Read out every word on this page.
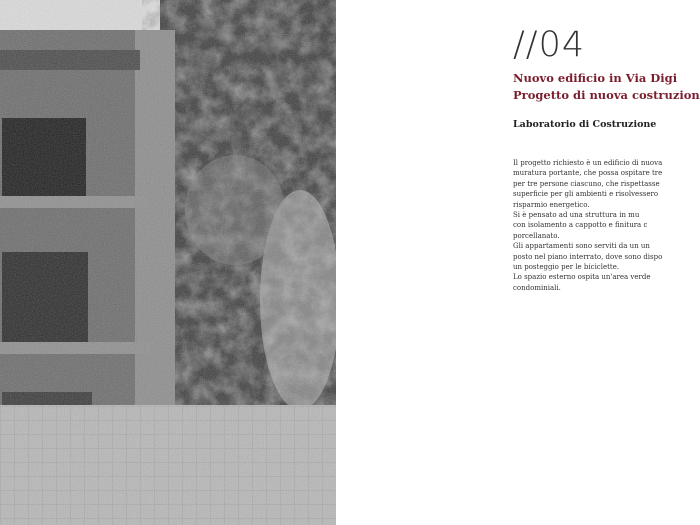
//04
Nuovo edificio in Via Digi
Progetto di nuova costruzion
Laboratorio di Costruzione

Il progetto richiesto è un edificio di nuova

muratura portante, che possa ospitare tre

per tre persone ciascuno, che rispettasse

superficie per gli ambienti e risolvessero

risparmio energetico.

Si è pensato ad una struttura in mu

con isolamento a cappotto e finitura c

porcellanato.

Gli appartamenti sono serviti da un un

posto nel piano interrato, dove sono dispo

un posteggio per le biciclette.

Lo spazio esterno ospita un'area verde

condominiali.
